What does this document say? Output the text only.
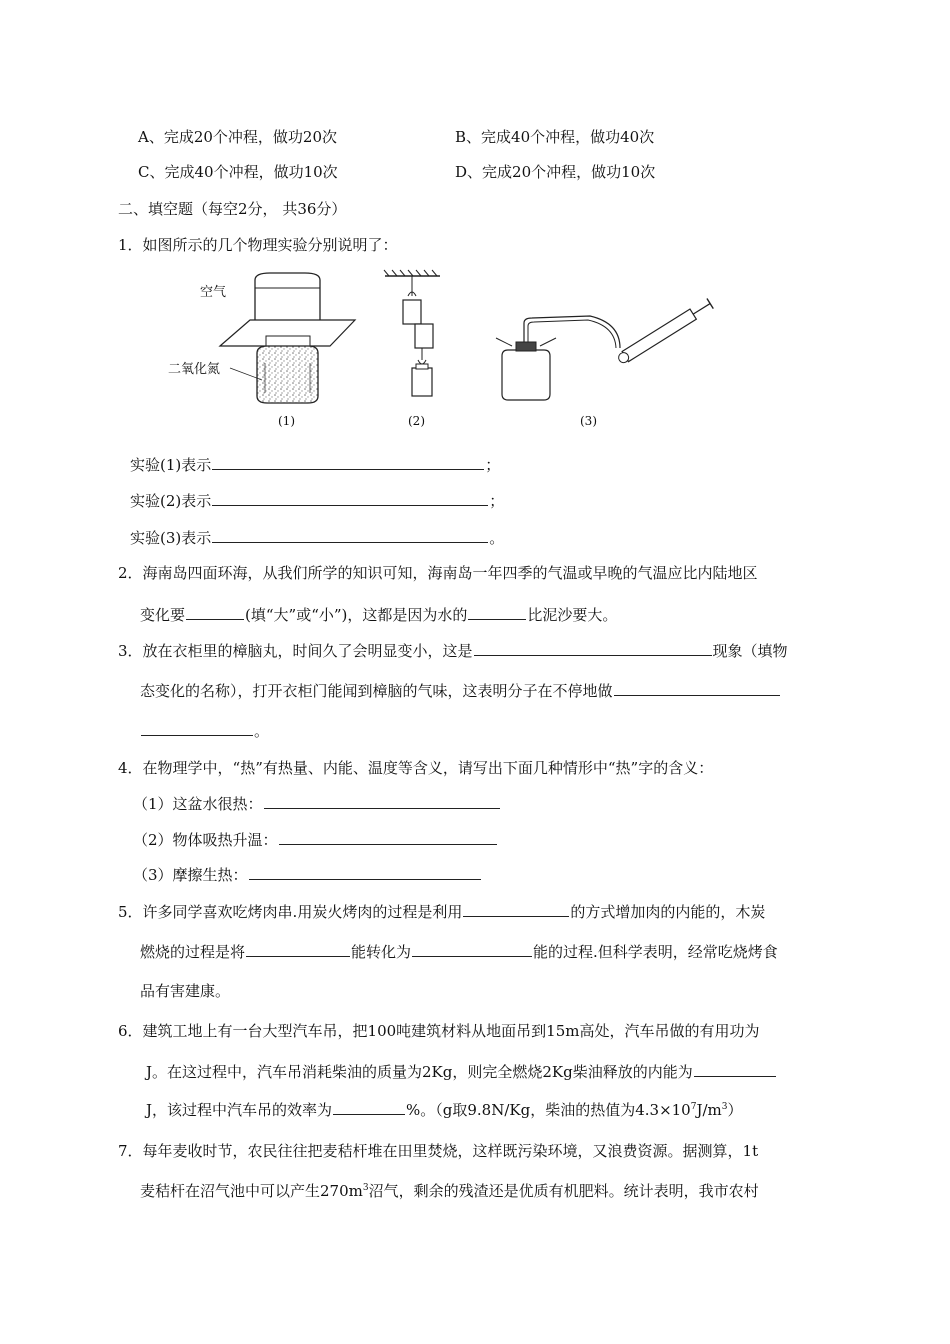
A、完成20个冲程，做功20次	B、完成40个冲程，做功40次
C、完成40个冲程，做功10次	D、完成20个冲程，做功10次
二、填空题（每空2分， 共36分）
1．如图所示的几个物理实验分别说明了：
空气
二氧化氮
(1)	(2)	(3)
实验(1)表示	；
实验(2)表示	；
实验(3)表示	。
2．海南岛四面环海，从我们所学的知识可知，海南岛一年四季的气温或早晚的气温应比内陆地区
变化要	(填“大”或“小”)，这都是因为水的	比泥沙要大。
3．放在衣柜里的樟脑丸，时间久了会明显变小，这是	现象（填物
态变化的名称），打开衣柜门能闻到樟脑的气味，这表明分子在不停地做
。
4．在物理学中，“热”有热量、内能、温度等含义，请写出下面几种情形中“热”字的含义：
（1）这盆水很热：
（2）物体吸热升温：
（3）摩擦生热：
5．许多同学喜欢吃烤肉串.用炭火烤肉的过程是利用	的方式增加肉的内能的，木炭
燃烧的过程是将	能转化为	能的过程.但科学表明，经常吃烧烤食
品有害建康。
6．建筑工地上有一台大型汽车吊，把100吨建筑材料从地面吊到15m高处，汽车吊做的有用功为
J。在这过程中，汽车吊消耗柴油的质量为2Kg，则完全燃烧2Kg柴油释放的内能为
J，该过程中汽车吊的效率为	%。（g取9.8N/Kg，柴油的热值为$4.3\times 10^7J/m^3$）
7．每年麦收时节，农民往往把麦秸杆堆在田里焚烧，这样既污染环境，又浪费资源。据测算，1t
麦秸杆在沼气池中可以产生$270m^3$沼气，剩余的残渣还是优质有机肥料。统计表明，我市农村
